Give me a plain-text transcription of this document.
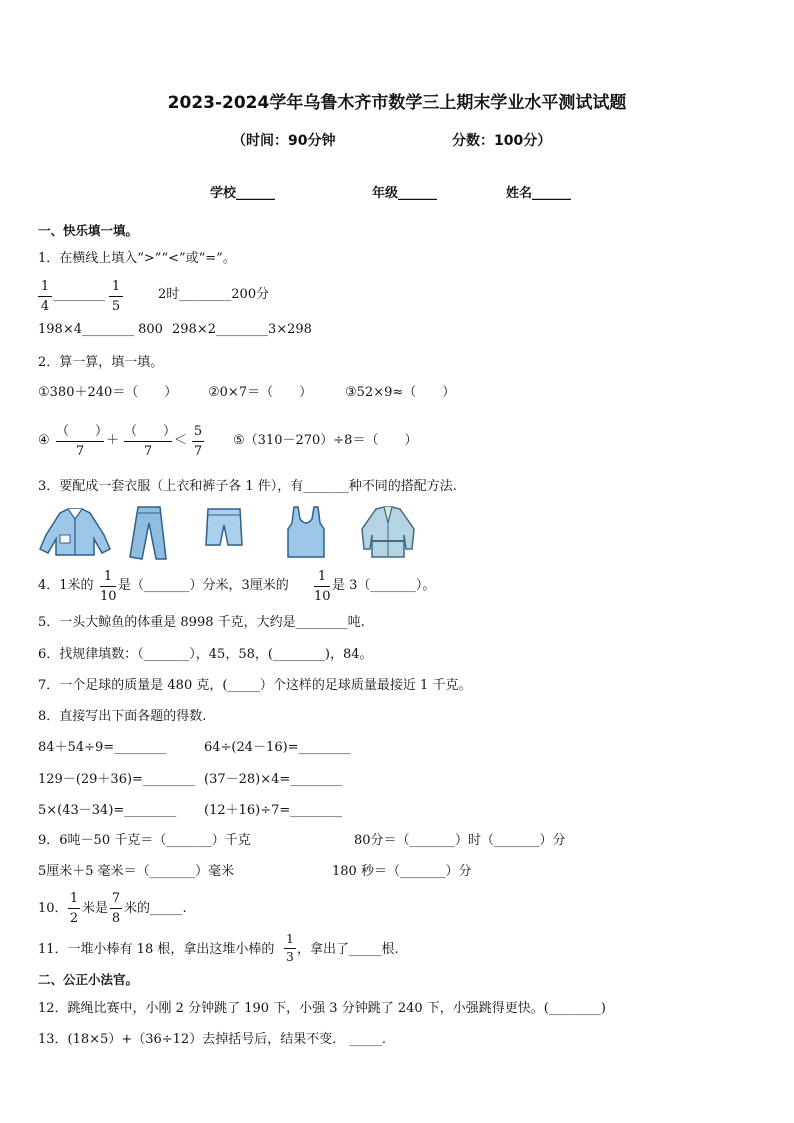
2023-2024学年乌鲁木齐市数学三上期末学业水平测试试题
（时间：90分钟	分数：100分）
学校______	年级______	姓名______
一、快乐填一填。
1．在横线上填入“>”“<”或“=”。
1
4
________
1
5
2时________200分
198×4________ 800 298×2________3×298
2．算一算，填一填。
①380＋240＝（　　） ②0×7＝（　　）	③52×9≈（　　）
④
（　　）
7
＋
（　　）
7
＜
5
7
⑤（310－270）÷8＝（　　）
3．要配成一套衣服（上衣和裤子各 1 件），有_______种不同的搭配方法.
4．1米的
1
10
是（_______）分米，3厘米的
1
10
是 3（_______）。
5．一头大鲸鱼的体重是 8998 千克，大约是________吨.
6．找规律填数：（_______），45，58，(________)，84。
7．一个足球的质量是 480 克，(_____）个这样的足球质量最接近 1 千克。
8．直接写出下面各题的得数.
84＋54÷9=________	64÷(24－16)=________
129－(29＋36)=________ (37－28)×4=________
5×(43－34)=________ (12＋16)÷7=________
9．6吨－50 千克＝（_______）千克	80分＝（_______）时（_______）分
5厘米＋5 毫米＝（_______）毫米	180 秒＝（_______）分
10．
1
2
米是
7
8
米的_____.
11．一堆小棒有 18 根，拿出这堆小棒的
1
3 ，拿出了_____根.
二、公正小法官。
12．跳绳比赛中，小刚 2 分钟跳了 190 下，小强 3 分钟跳了 240 下，小强跳得更快。(________)
13．(18×5）+（36÷12）去掉括号后，结果不变． _____.
